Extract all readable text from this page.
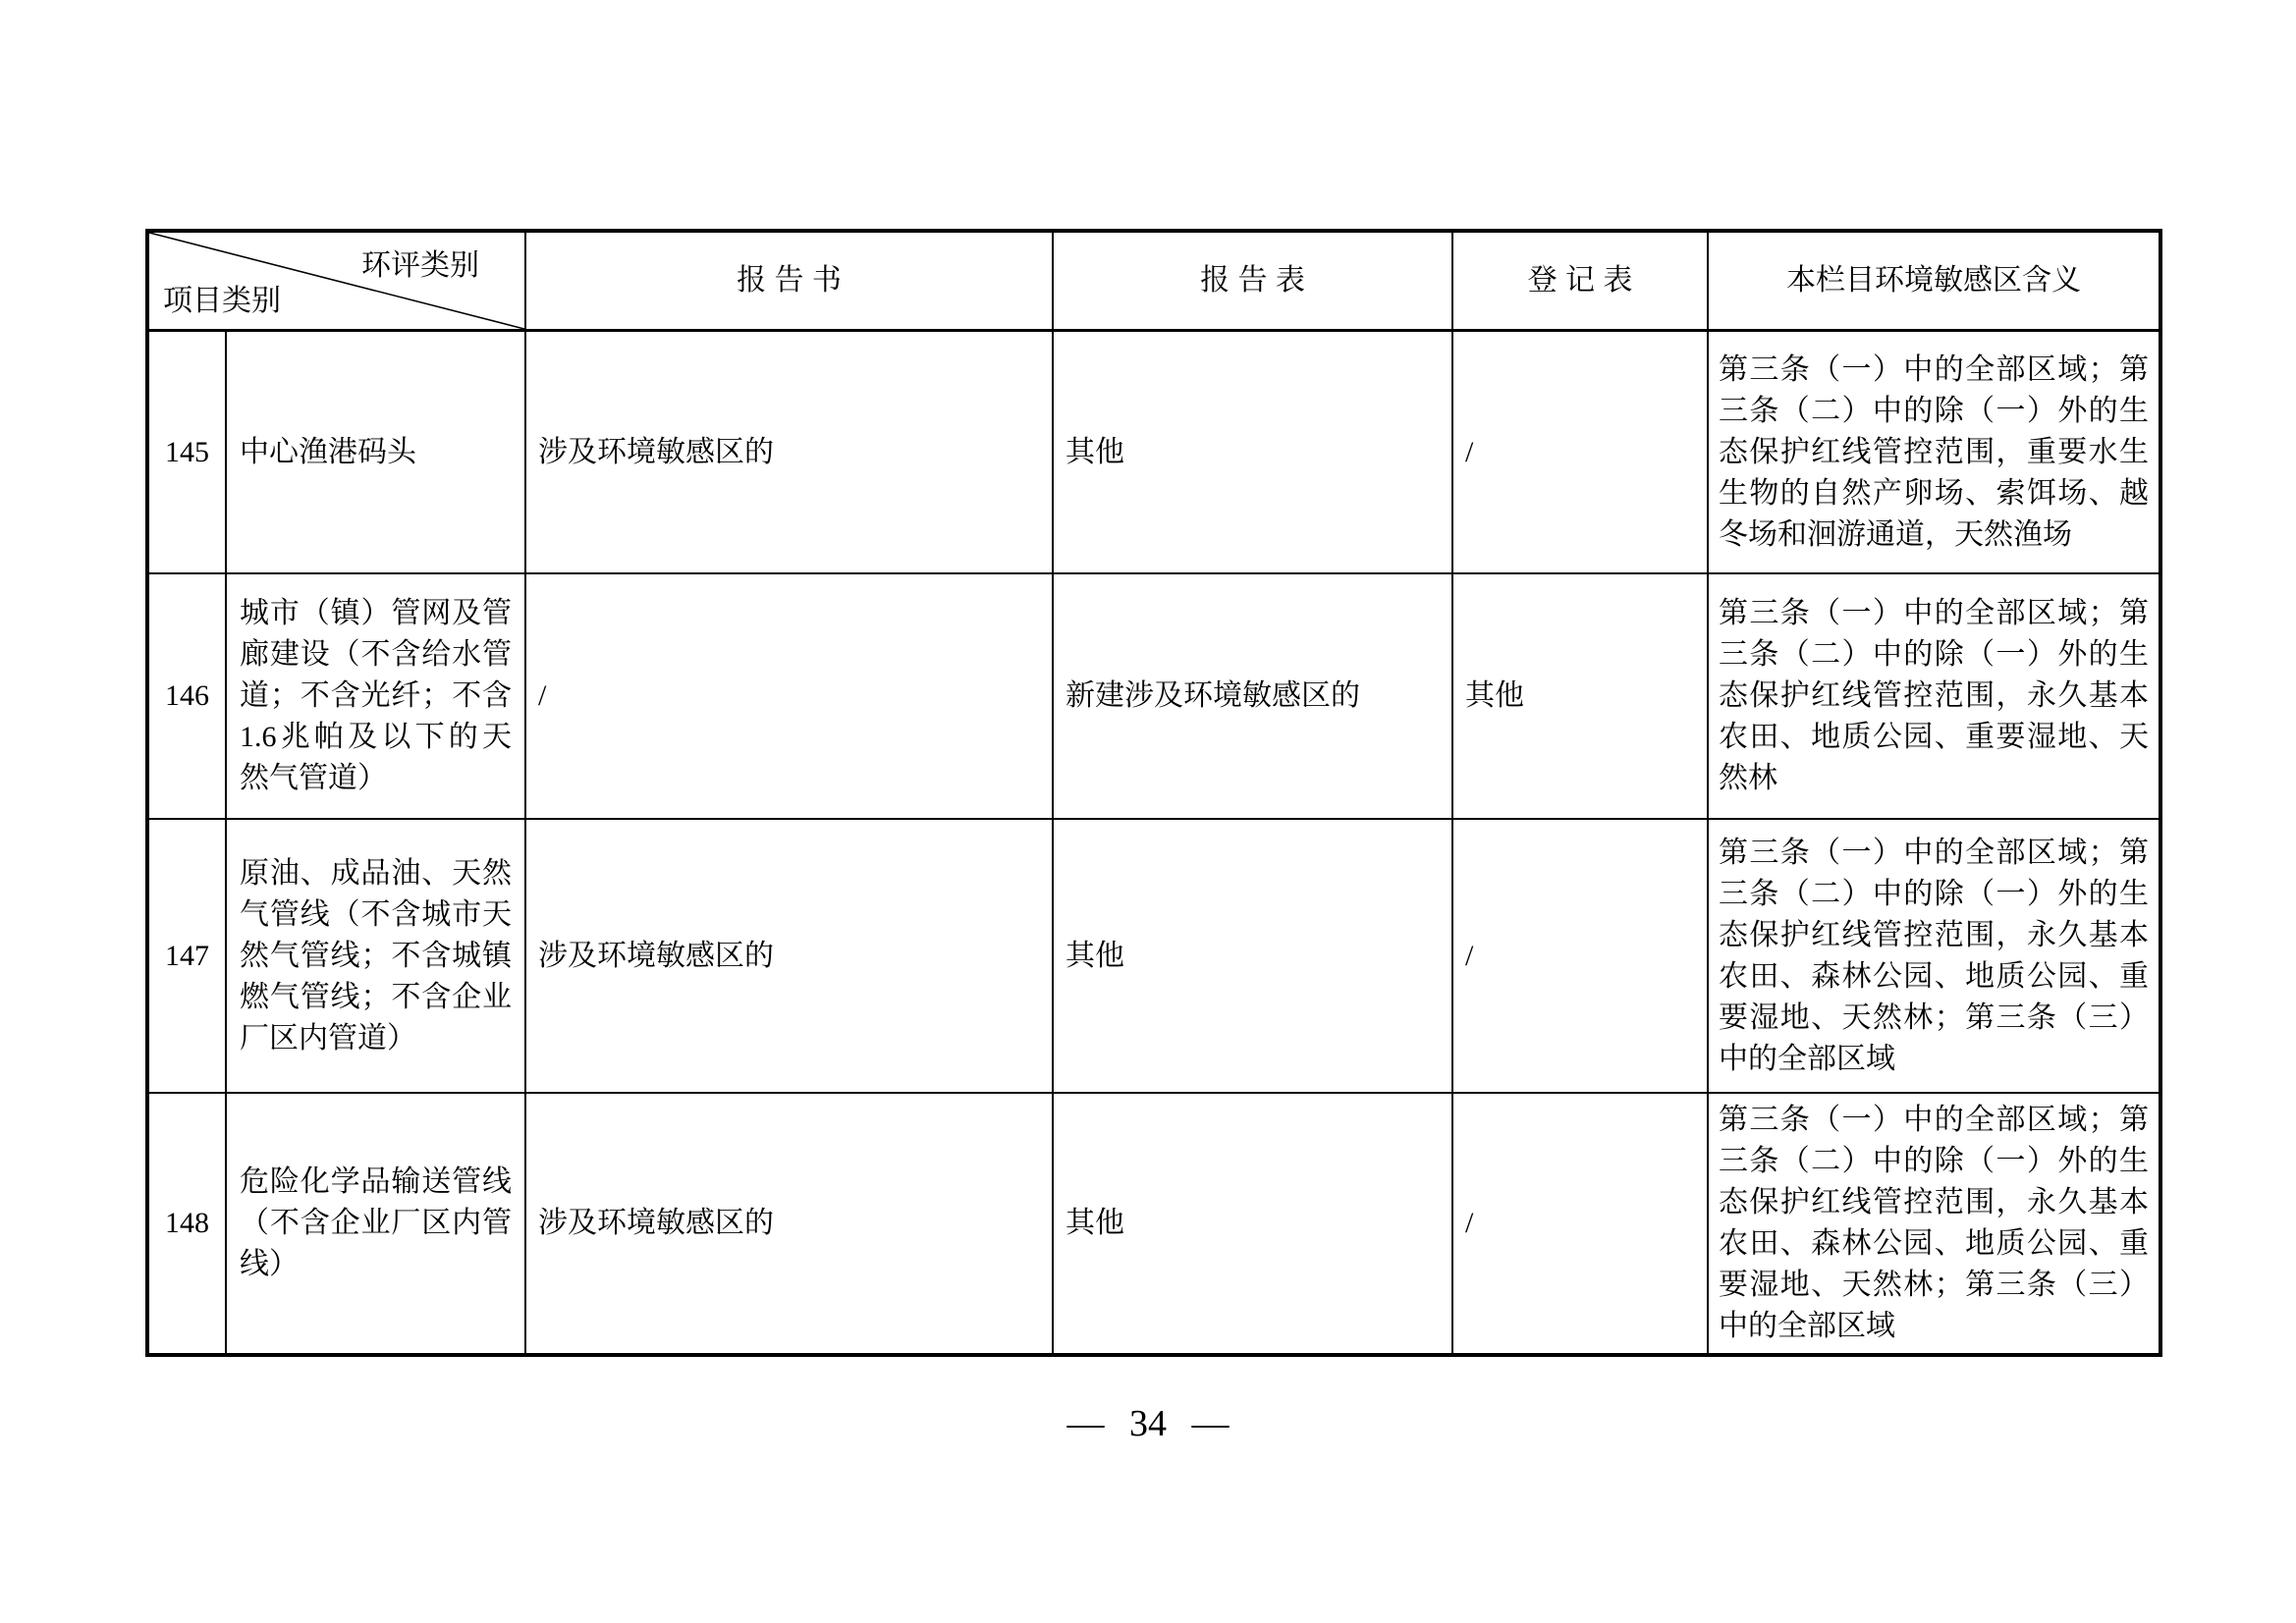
环评类别
项目类别		报 告 书	报 告 表	登 记 表	本栏目环境敏感区含义
145	中心渔港码头	涉及环境敏感区的	其他	/	第三条（一）中的全部区域；第三条（二）中的除（一）外的生态保护红线管控范围，重要水生生物的自然产卵场、索饵场、越冬场和洄游通道，天然渔场
146	城市（镇）管网及管廊建设（不含给水管道；不含光纤；不含1.6兆帕及以下的天然气管道）	/	新建涉及环境敏感区的	其他	第三条（一）中的全部区域；第三条（二）中的除（一）外的生态保护红线管控范围，永久基本农田、地质公园、重要湿地、天然林
147	原油、成品油、天然气管线（不含城市天然气管线；不含城镇燃气管线；不含企业厂区内管道）	涉及环境敏感区的	其他	/	第三条（一）中的全部区域；第三条（二）中的除（一）外的生态保护红线管控范围，永久基本农田、森林公园、地质公园、重要湿地、天然林；第三条（三）中的全部区域
148	危险化学品输送管线（不含企业厂区内管线）	涉及环境敏感区的	其他	/	第三条（一）中的全部区域；第三条（二）中的除（一）外的生态保护红线管控范围，永久基本农田、森林公园、地质公园、重要湿地、天然林；第三条（三）中的全部区域
— 34 —
